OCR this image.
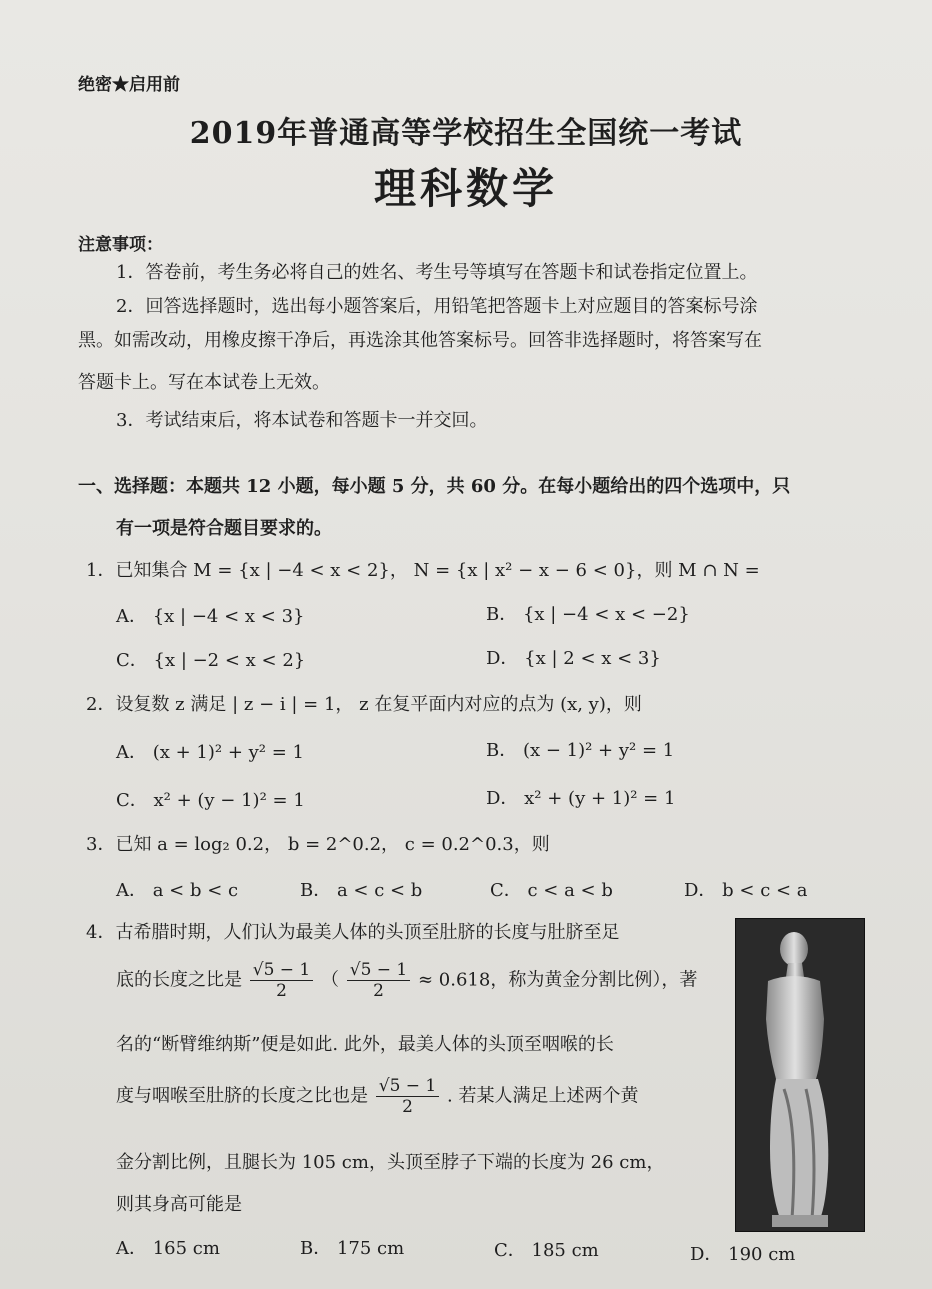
绝密★启用前
2019年普通高等学校招生全国统一考试
理科数学
注意事项：
1．答卷前，考生务必将自己的姓名、考生号等填写在答题卡和试卷指定位置上。
2．回答选择题时，选出每小题答案后，用铅笔把答题卡上对应题目的答案标号涂
黑。如需改动，用橡皮擦干净后，再选涂其他答案标号。回答非选择题时，将答案写在
答题卡上。写在本试卷上无效。
3．考试结束后，将本试卷和答题卡一并交回。
一、选择题：本题共 12 小题，每小题 5 分，共 60 分。在每小题给出的四个选项中，只
有一项是符合题目要求的。
1．已知集合 M = {x | −4 < x < 2}， N = {x | x² − x − 6 < 0}，则 M ∩ N =
A． {x | −4 < x < 3}	B． {x | −4 < x < −2}
C． {x | −2 < x < 2}	D． {x | 2 < x < 3}
2．设复数 z 满足 | z − i | = 1， z 在复平面内对应的点为 (x, y)，则
A． (x + 1)² + y² = 1	B． (x − 1)² + y² = 1
C． x² + (y − 1)² = 1	D． x² + (y + 1)² = 1
3．已知 a = log₂ 0.2， b = 2^0.2， c = 0.2^0.3，则
A． a < b < c	B． a < c < b	C． c < a < b	D． b < c < a
4．古希腊时期，人们认为最美人体的头顶至肚脐的长度与肚脐至足
底的长度之比是 $\frac{√5 - 1}{2}$ （ $\frac{√5 - 1}{2} \approx 0.618$，称为黄金分割比例），著
名的“断臂维纳斯”便是如此. 此外，最美人体的头顶至咽喉的长
度与咽喉至肚脐的长度之比也是 $\frac{√5 - 1}{2}$ . 若某人满足上述两个黄
金分割比例，且腿长为 105 cm，头顶至脖子下端的长度为 26 cm，
则其身高可能是
A． 165 cm	B． 175 cm	C． 185 cm	D． 190 cm
